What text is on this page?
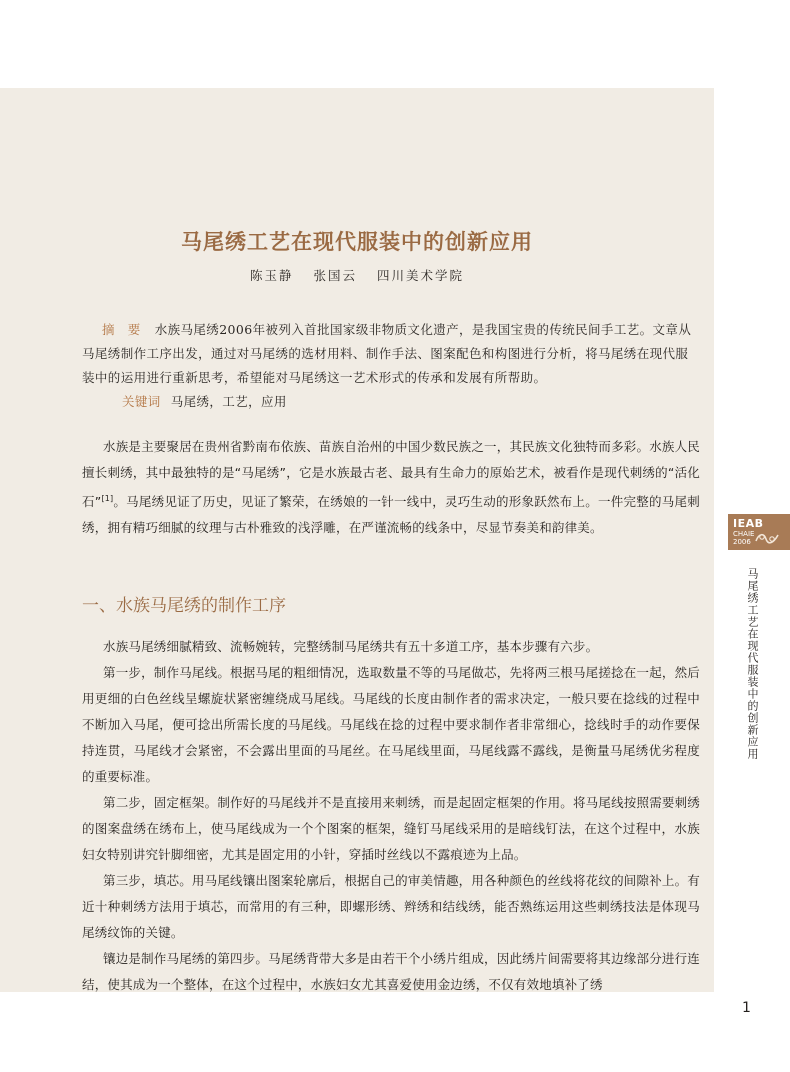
马尾绣工艺在现代服装中的创新应用
陈玉静 张国云 四川美术学院

摘　要 水族马尾绣2006年被列入首批国家级非物质文化遗产，是我国宝贵的传统民间手工艺。文章从马尾绣制作工序出发，通过对马尾绣的选材用料、制作手法、图案配色和构图进行分析，将马尾绣在现代服装中的运用进行重新思考，希望能对马尾绣这一艺术形式的传承和发展有所帮助。

关键词 马尾绣，工艺，应用

水族是主要聚居在贵州省黔南布依族、苗族自治州的中国少数民族之一，其民族文化独特而多彩。水族人民擅长刺绣，其中最独特的是“马尾绣”，它是水族最古老、最具有生命力的原始艺术，被看作是现代刺绣的“活化石”[1]。马尾绣见证了历史，见证了繁荣，在绣娘的一针一线中，灵巧生动的形象跃然布上。一件完整的马尾刺绣，拥有精巧细腻的纹理与古朴雅致的浅浮雕，在严谨流畅的线条中，尽显节奏美和韵律美。

一、水族马尾绣的制作工序

水族马尾绣细腻精致、流畅婉转，完整绣制马尾绣共有五十多道工序，基本步骤有六步。

第一步，制作马尾线。根据马尾的粗细情况，选取数量不等的马尾做芯，先将两三根马尾搓捻在一起，然后用更细的白色丝线呈螺旋状紧密缠绕成马尾线。马尾线的长度由制作者的需求决定，一般只要在捻线的过程中不断加入马尾，便可捻出所需长度的马尾线。马尾线在捻的过程中要求制作者非常细心，捻线时手的动作要保持连贯，马尾线才会紧密，不会露出里面的马尾丝。在马尾线里面，马尾线露不露线，是衡量马尾绣优劣程度的重要标准。

第二步，固定框架。制作好的马尾线并不是直接用来刺绣，而是起固定框架的作用。将马尾线按照需要刺绣的图案盘绣在绣布上，使马尾线成为一个个图案的框架，缝钉马尾线采用的是暗线钉法，在这个过程中，水族妇女特别讲究针脚细密，尤其是固定用的小针，穿插时丝线以不露痕迹为上品。

第三步，填芯。用马尾线镶出图案轮廓后，根据自己的审美情趣，用各种颜色的丝线将花纹的间隙补上。有近十种刺绣方法用于填芯，而常用的有三种，即螺形绣、辫绣和结线绣，能否熟练运用这些刺绣技法是体现马尾绣纹饰的关键。

镶边是制作马尾绣的第四步。马尾绣背带大多是由若干个小绣片组成，因此绣片间需要将其边缘部分进行连结，使其成为一个整体，在这个过程中，水族妇女尤其喜爱使用金边绣，不仅有效地填补了绣

IEAB
CHAIE
2006
马尾绣工艺在现代服装中的创新应用
1
